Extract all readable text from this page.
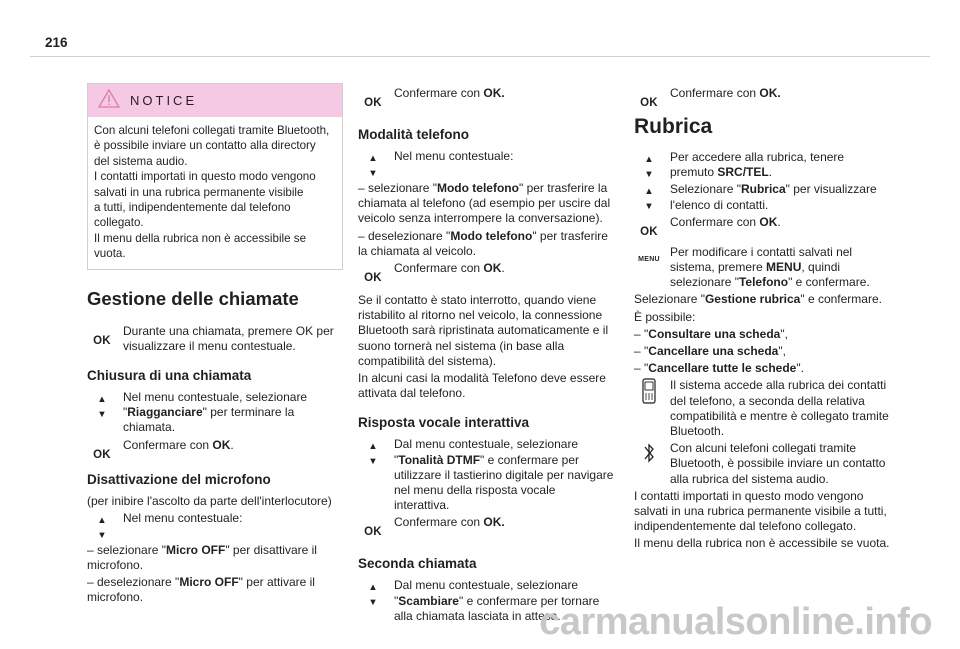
216
NOTICE
Con alcuni telefoni collegati tramite Bluetooth,
è possibile inviare un contatto alla directory
del sistema audio.
I contatti importati in questo modo vengono
salvati in una rubrica permanente visibile
a tutti, indipendentemente dal telefono
collegato.
Il menu della rubrica non è accessibile se
vuota.
Gestione delle chiamate
OK
Durante una chiamata, premere OK per visualizzare il menu contestuale.
Chiusura di una chiamata
▲
▼
Nel menu contestuale, selezionare "Riagganciare" per terminare la chiamata.
OK
Confermare con OK.
Disattivazione del microfono
(per inibire l'ascolto da parte dell'interlocutore)
▲
▼
Nel menu contestuale:
– selezionare "Micro OFF" per disattivare il microfono.
– deselezionare "Micro OFF" per attivare il microfono.
OK
Confermare con OK.
Modalità telefono
▲
▼
Nel menu contestuale:
– selezionare "Modo telefono" per trasferire la chiamata al telefono (ad esempio per uscire dal veicolo senza interrompere la conversazione).
– deselezionare "Modo telefono" per trasferire la chiamata al veicolo.
OK
Confermare con OK.
Se il contatto è stato interrotto, quando viene ristabilito al ritorno nel veicolo, la connessione Bluetooth sarà ripristinata automaticamente e il suono tornerà nel sistema (in base alla compatibilità del sistema).
In alcuni casi la modalità Telefono deve essere attivata dal telefono.
Risposta vocale interattiva
▲
▼
Dal menu contestuale, selezionare "Tonalità DTMF" e confermare per utilizzare il tastierino digitale per navigare nel menu della risposta vocale interattiva.
OK
Confermare con OK.
Seconda chiamata
▲
▼
Dal menu contestuale, selezionare "Scambiare" e confermare per tornare alla chiamata lasciata in attesa.
OK
Confermare con OK.
Rubrica
▲
▼
Per accedere alla rubrica, tenere premuto SRC/TEL.
▲
▼
Selezionare "Rubrica" per visualizzare l'elenco di contatti.
OK
Confermare con OK.
MENU
Per modificare i contatti salvati nel sistema, premere MENU, quindi selezionare "Telefono" e confermare.
Selezionare "Gestione rubrica" e confermare.
È possibile:
– "Consultare una scheda",
– "Cancellare una scheda",
– "Cancellare tutte le schede".
Il sistema accede alla rubrica dei contatti del telefono, a seconda della relativa compatibilità e mentre è collegato tramite Bluetooth.
Con alcuni telefoni collegati tramite Bluetooth, è possibile inviare un contatto alla rubrica del sistema audio.
I contatti importati in questo modo vengono salvati in una rubrica permanente visibile a tutti, indipendentemente dal telefono collegato.
Il menu della rubrica non è accessibile se vuota.
carmanualsonline.info
